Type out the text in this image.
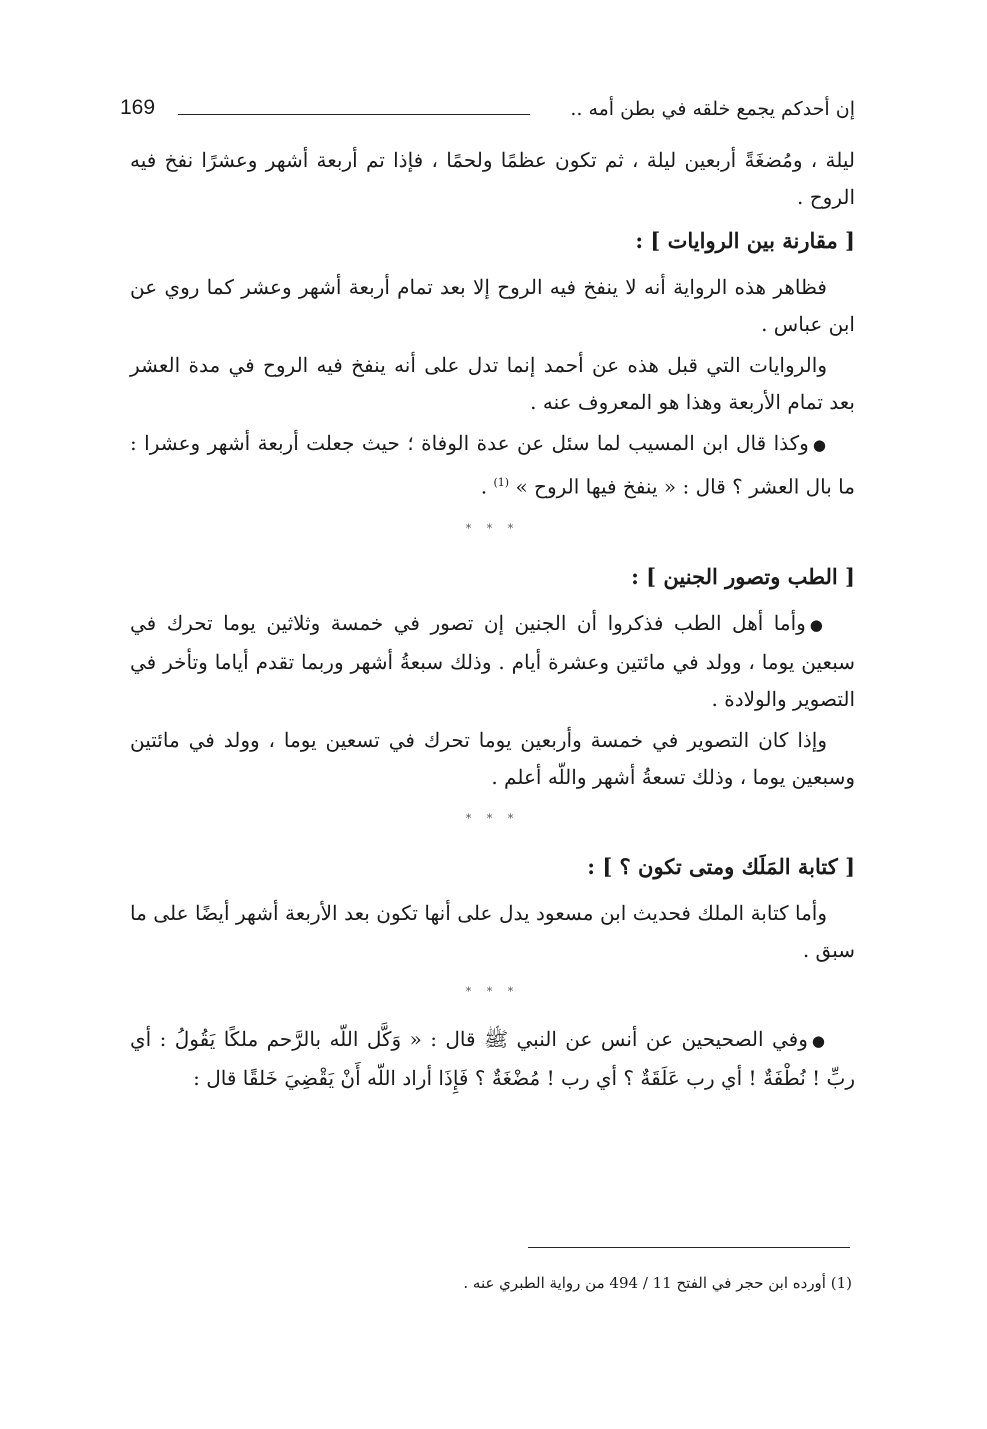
إن أحدكم يجمع خلقه في بطن أمه ..
169

ليلة ، ومُضغَةً أربعين ليلة ، ثم تكون عظمًا ولحمًا ، فإذا تم أربعة أشهر وعشرًا نفخ فيه الروح .

[ مقارنة بين الروايات ] :

فظاهر هذه الرواية أنه لا ينفخ فيه الروح إلا بعد تمام أربعة أشهر وعشر كما روي عن ابن عباس .

والروايات التي قبل هذه عن أحمد إنما تدل على أنه ينفخ فيه الروح في مدة العشر بعد تمام الأربعة وهذا هو المعروف عنه .

●وكذا قال ابن المسيب لما سئل عن عدة الوفاة ؛ حيث جعلت أربعة أشهر وعشرا : ما بال العشر ؟ قال : « ينفخ فيها الروح » $^{(1)}$ .

* * *
[ الطب وتصور الجنين ] :

●وأما أهل الطب فذكروا أن الجنين إن تصور في خمسة وثلاثين يوما تحرك في سبعين يوما ، وولد في مائتين وعشرة أيام . وذلك سبعةُ أشهر وربما تقدم أياما وتأخر في التصوير والولادة .

وإذا كان التصوير في خمسة وأربعين يوما تحرك في تسعين يوما ، وولد في مائتين وسبعين يوما ، وذلك تسعةُ أشهر واللّه أعلم .

* * *
[ كتابة المَلَك ومتى تكون ؟ ] :

وأما كتابة الملك فحديث ابن مسعود يدل على أنها تكون بعد الأربعة أشهر أيضًا على ما سبق .

* * *

●وفي الصحيحين عن أنس عن النبي ﷺ قال : « وَكَّل اللّه بالرَّحم ملكًا يَقُولُ : أي ربِّ ! نُطْفَةٌ ! أي رب عَلَقَةٌ ؟ أي رب ! مُضْغَةٌ ؟ فَإِذَا أراد اللّه أَنْ يَقْضِيَ خَلقًا قال :

(1) أورده ابن حجر في الفتح 11 / 494 من رواية الطبري عنه .
